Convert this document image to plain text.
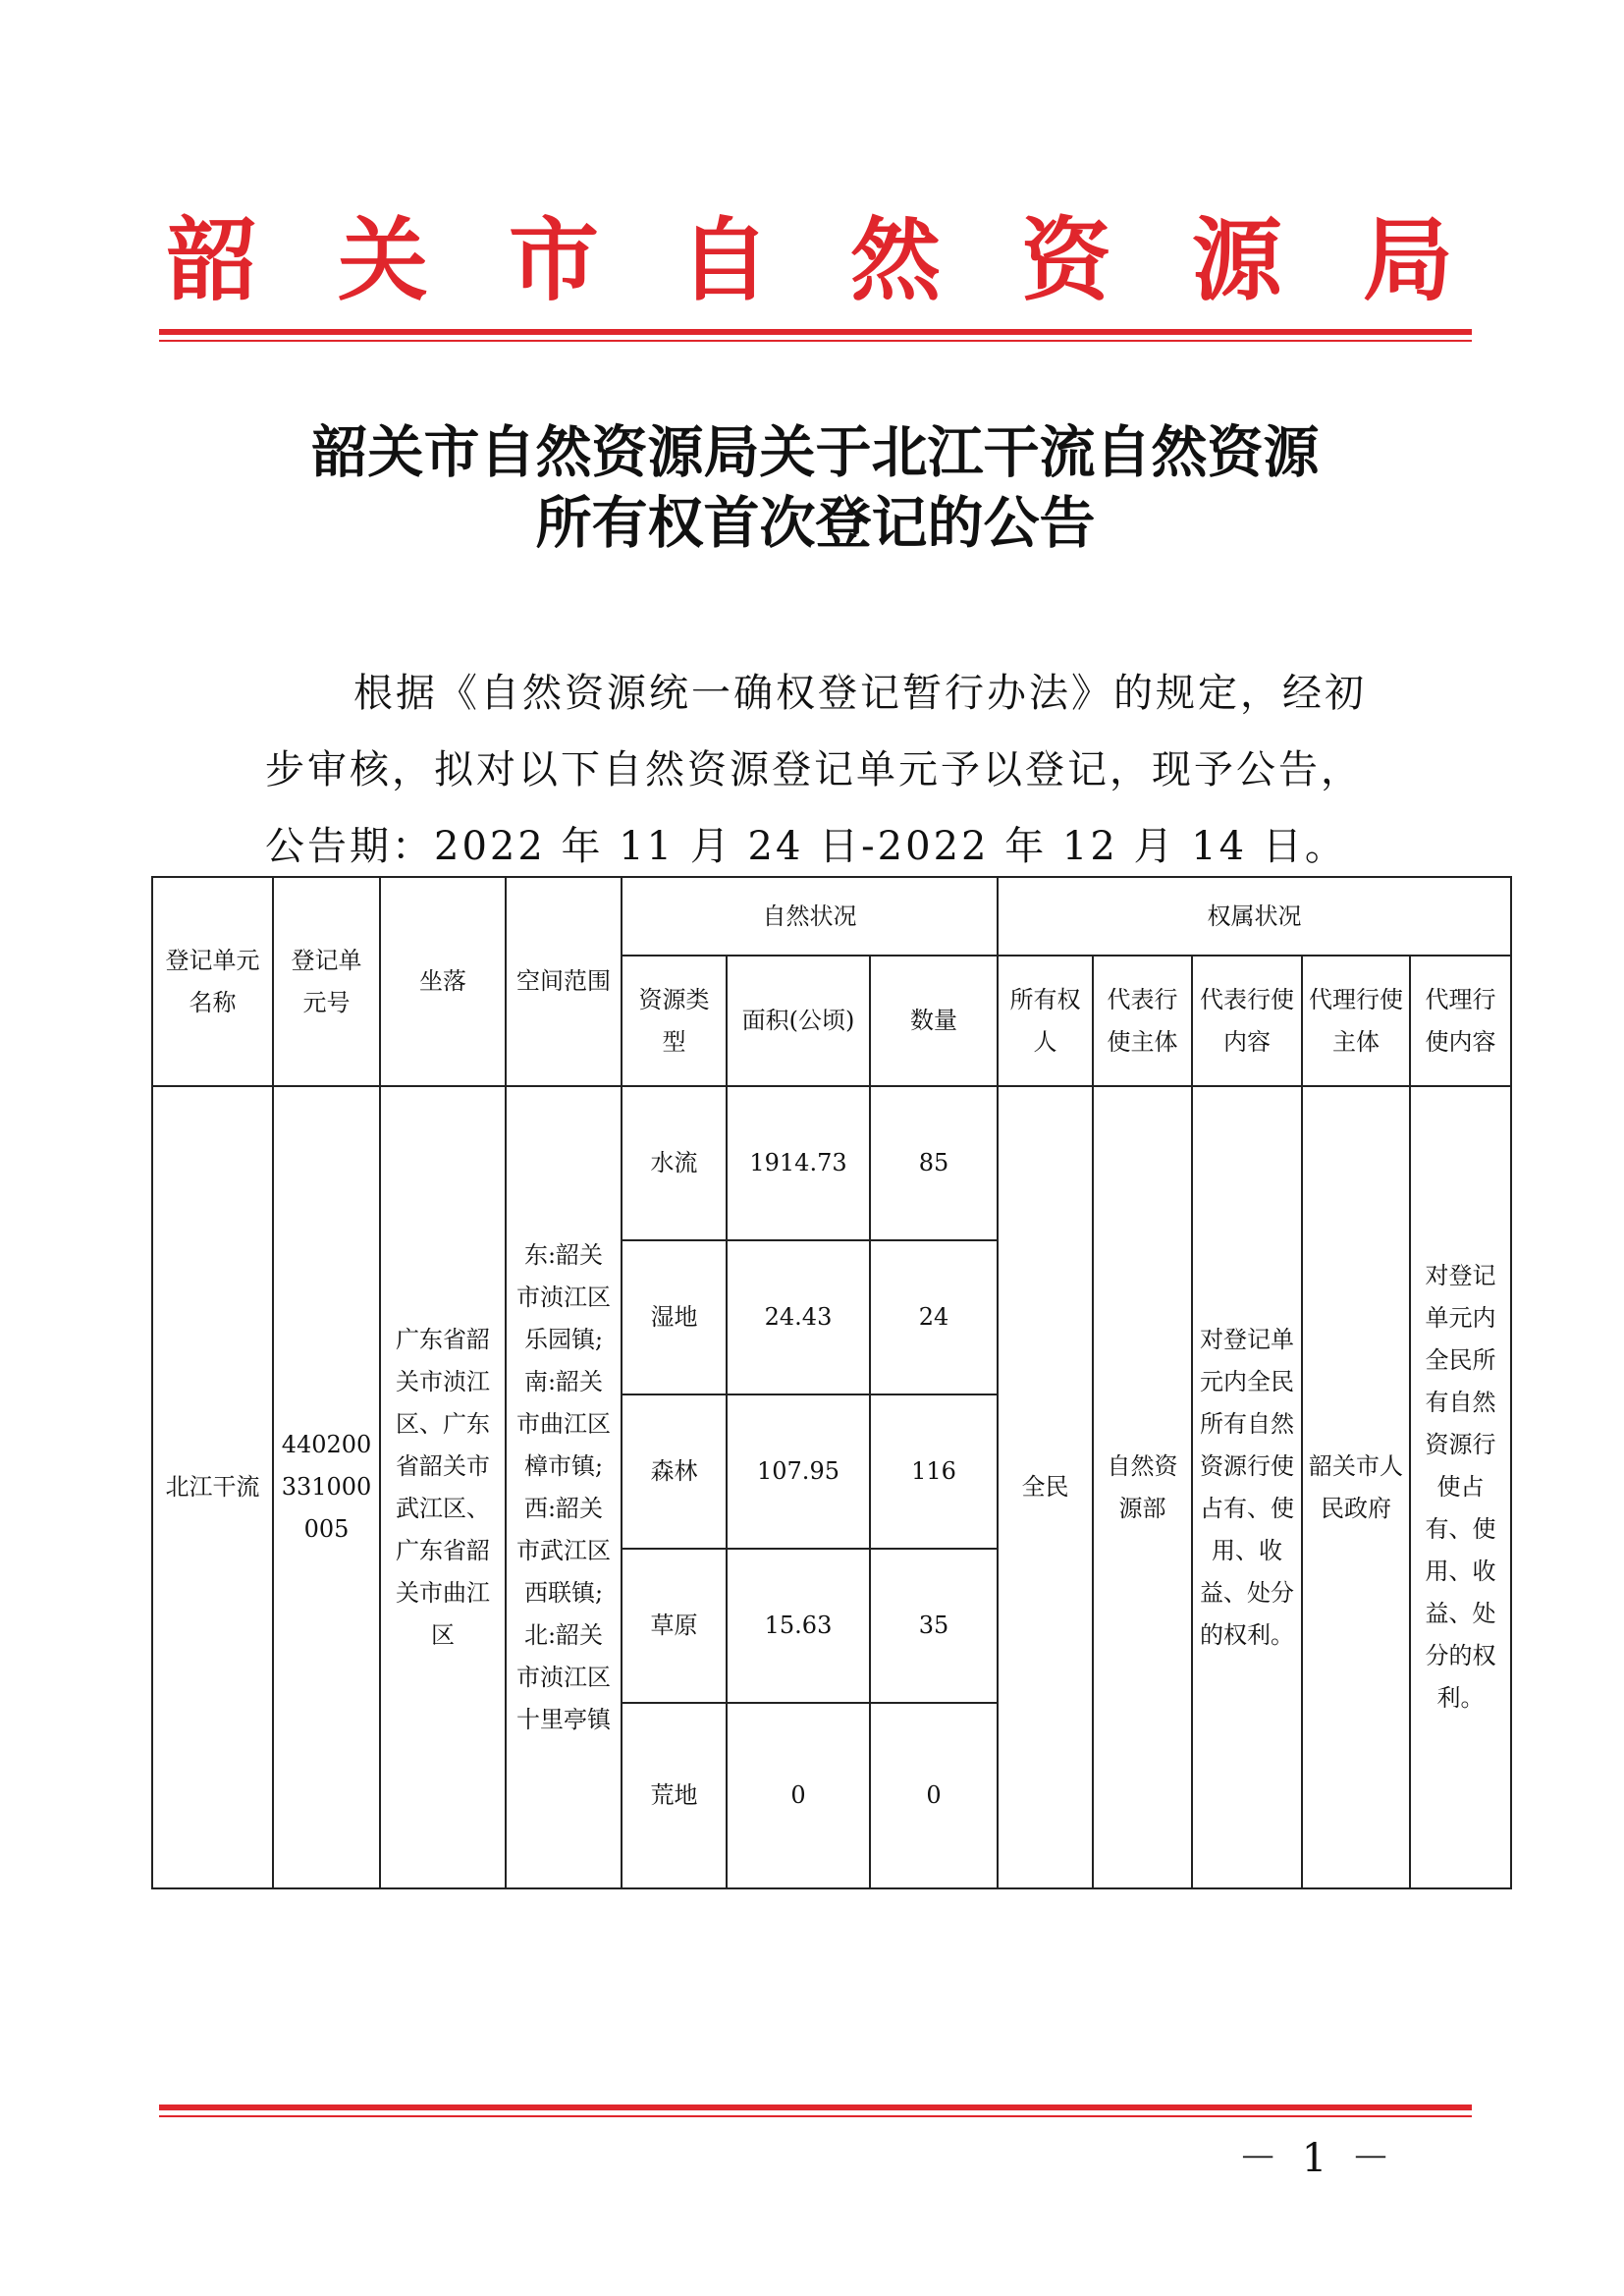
韶 关 市 自 然 资 源 局
韶关市自然资源局关于北江干流自然资源
所有权首次登记的公告

根据《自然资源统一确权登记暂行办法》的规定，经初

步审核，拟对以下自然资源登记单元予以登记，现予公告，

公告期：2022 年 11 月 24 日-2022 年 12 月 14 日。

登记单元名称	登记单元号	坐落	空间范围	自然状况			权属状况				
				资源类型	面积(公顷)	数量	所有权人	代表行使主体	代表行使内容	代理行使主体	代理行使内容
北江干流	440200331000005	广东省韶关市浈江区、广东省韶关市武江区、广东省韶关市曲江区	东:韶关市浈江区乐园镇;南:韶关市曲江区樟市镇;西:韶关市武江区西联镇;北:韶关市浈江区十里亭镇	水流	1914.73	85	全民	自然资源部	对登记单元内全民所有自然资源行使占有、使用、收益、处分的权利。	韶关市人民政府	对登记单元内全民所有自然资源行使占有、使用、收益、处分的权利。
				湿地	24.43	24					
				森林	107.95	116					
				草原	15.63	35					
				荒地	0	0					
－ 1 －
